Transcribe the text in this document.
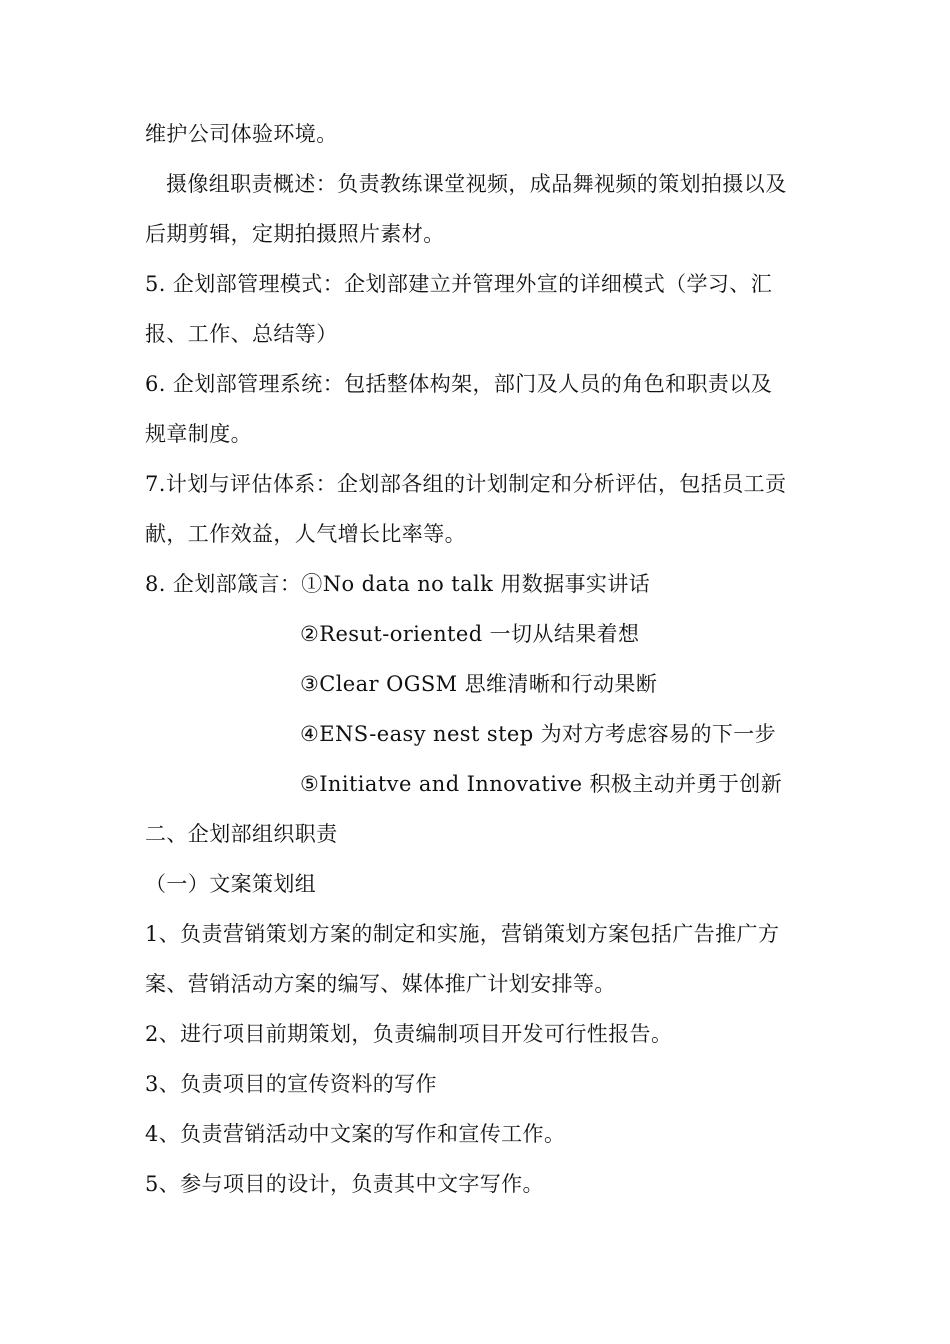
维护公司体验环境。
摄像组职责概述：负责教练课堂视频，成品舞视频的策划拍摄以及
后期剪辑，定期拍摄照片素材。
5. 企划部管理模式：企划部建立并管理外宣的详细模式（学习、汇
报、工作、总结等）
6. 企划部管理系统：包括整体构架，部门及人员的角色和职责以及
规章制度。
7.计划与评估体系：企划部各组的计划制定和分析评估，包括员工贡
献，工作效益，人气增长比率等。
8. 企划部箴言：①No data no talk 用数据事实讲话
②Resut-oriented 一切从结果着想
③Clear OGSM 思维清晰和行动果断
④ENS-easy nest step 为对方考虑容易的下一步
⑤Initiatve and Innovative 积极主动并勇于创新
二、企划部组织职责
（一）文案策划组
1、负责营销策划方案的制定和实施，营销策划方案包括广告推广方
案、营销活动方案的编写、媒体推广计划安排等。
2、进行项目前期策划，负责编制项目开发可行性报告。
3、负责项目的宣传资料的写作
4、负责营销活动中文案的写作和宣传工作。
5、参与项目的设计，负责其中文字写作。
